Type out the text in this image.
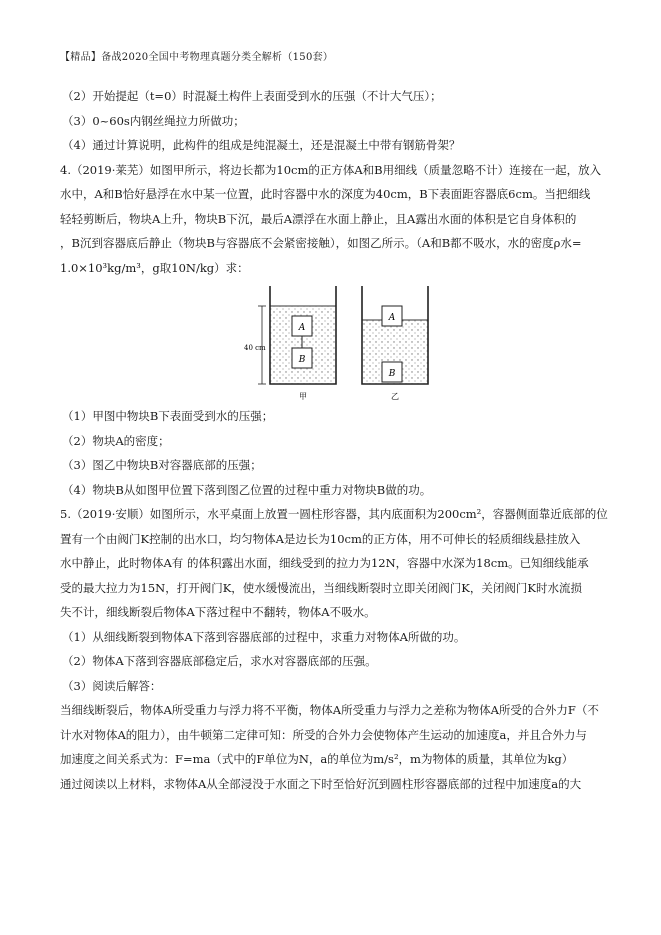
【精品】备战2020全国中考物理真题分类全解析（150套）
（2）开始提起（t=0）时混凝土构件上表面受到水的压强（不计大气压）；
（3）0~60s内钢丝绳拉力所做功；
（4）通过计算说明，此构件的组成是纯混凝土，还是混凝土中带有钢筋骨架？
4.（2019·莱芜）如图甲所示，将边长都为10cm的正方体A和B用细线（质量忽略不计）连接在一起，放入
水中，A和B恰好悬浮在水中某一位置，此时容器中水的深度为40cm，B下表面距容器底6cm。当把细线
轻轻剪断后，物块A上升，物块B下沉，最后A漂浮在水面上静止，且A露出水面的体积是它自身体积的
，B沉到容器底后静止（物块B与容器底不会紧密接触），如图乙所示。（A和B都不吸水，水的密度ρ水=
1.0×10³kg/m³，g取10N/kg）求：
A
B
40 cm
甲
A
B
乙
（1）甲图中物块B下表面受到水的压强；
（2）物块A的密度；
（3）图乙中物块B对容器底部的压强；
（4）物块B从如图甲位置下落到图乙位置的过程中重力对物块B做的功。
5.（2019·安顺）如图所示，水平桌面上放置一圆柱形容器，其内底面积为200cm²，容器侧面靠近底部的位
置有一个由阀门K控制的出水口，均匀物体A是边长为10cm的正方体，用不可伸长的轻质细线悬挂放入
水中静止，此时物体A有 的体积露出水面，细线受到的拉力为12N，容器中水深为18cm。已知细线能承
受的最大拉力为15N，打开阀门K，使水缓慢流出，当细线断裂时立即关闭阀门K，关闭阀门K时水流损
失不计，细线断裂后物体A下落过程中不翻转，物体A不吸水。
（1）从细线断裂到物体A下落到容器底部的过程中，求重力对物体A所做的功。
（2）物体A下落到容器底部稳定后，求水对容器底部的压强。
（3）阅读后解答：
当细线断裂后，物体A所受重力与浮力将不平衡，物体A所受重力与浮力之差称为物体A所受的合外力F（不
计水对物体A的阻力），由牛顿第二定律可知：所受的合外力会使物体产生运动的加速度a，并且合外力与
加速度之间关系式为：F=ma（式中的F单位为N，a的单位为m/s²，m为物体的质量，其单位为kg）
通过阅读以上材料，求物体A从全部浸没于水面之下时至恰好沉到圆柱形容器底部的过程中加速度a的大
